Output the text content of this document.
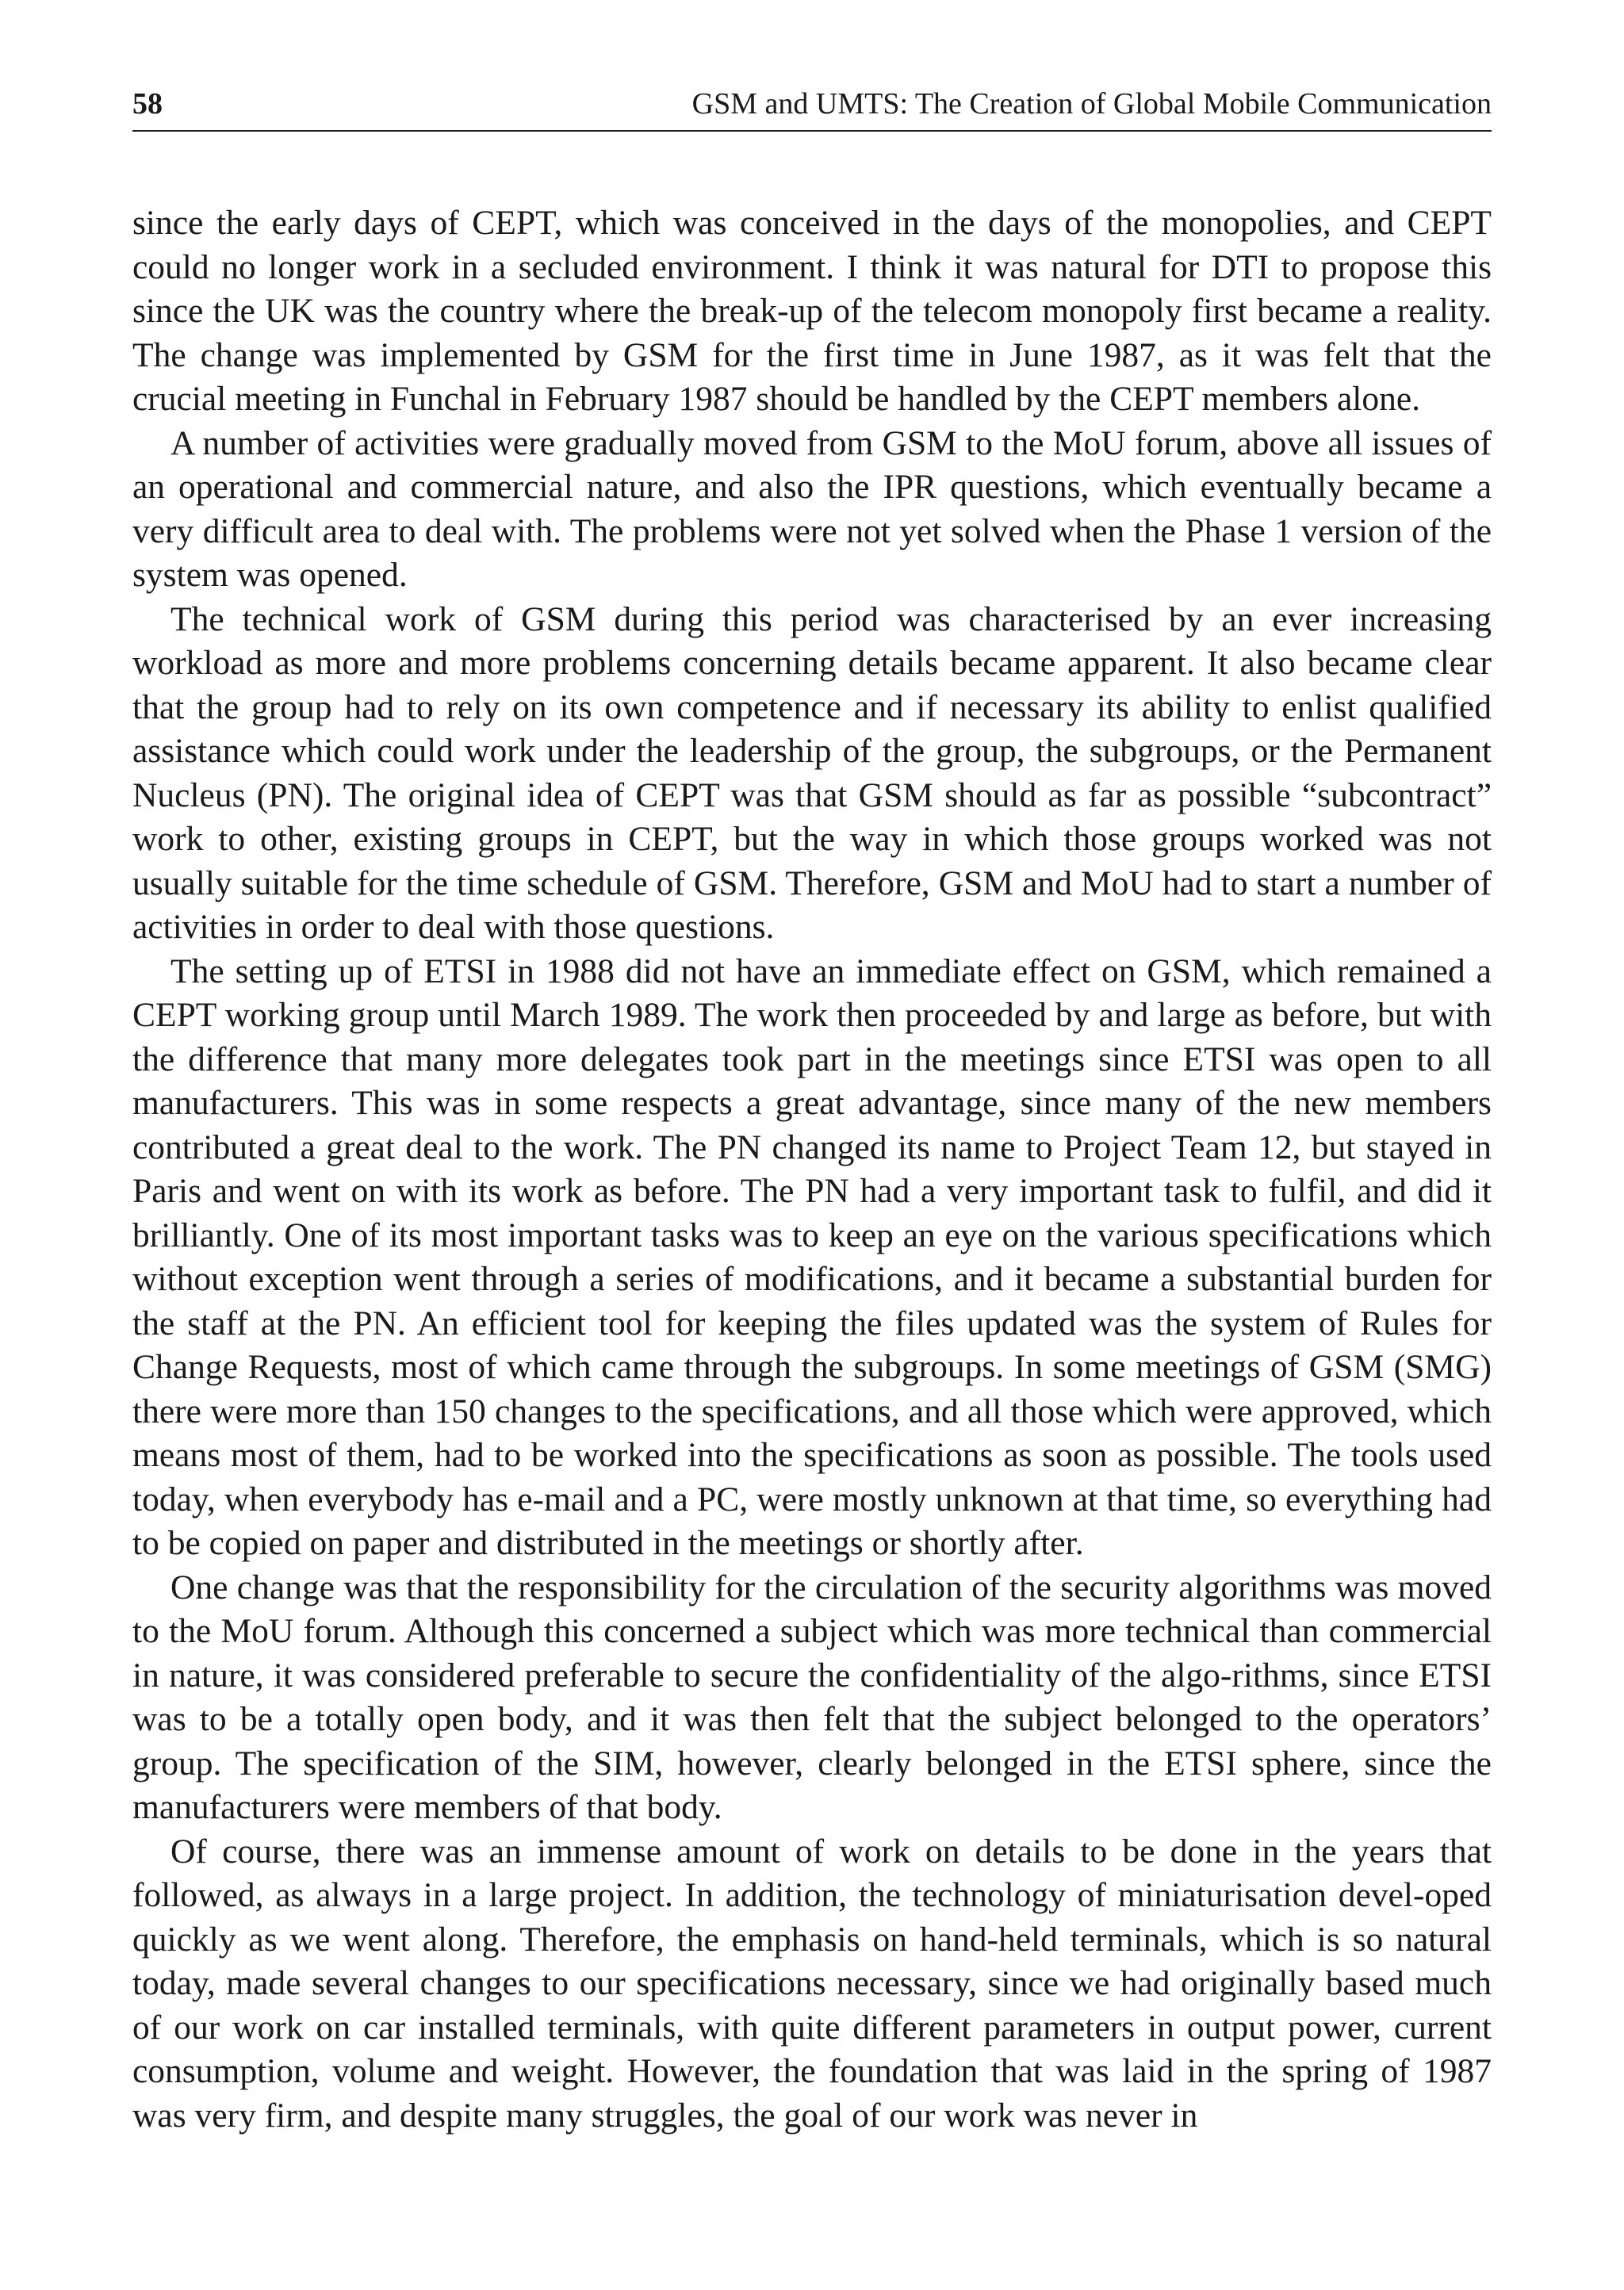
58	GSM and UMTS: The Creation of Global Mobile Communication

since the early days of CEPT, which was conceived in the days of the monopolies, and CEPT could no longer work in a secluded environment. I think it was natural for DTI to propose this since the UK was the country where the break-up of the telecom monopoly first became a reality. The change was implemented by GSM for the first time in June 1987, as it was felt that the crucial meeting in Funchal in February 1987 should be handled by the CEPT members alone.

A number of activities were gradually moved from GSM to the MoU forum, above all issues of an operational and commercial nature, and also the IPR questions, which eventually became a very difficult area to deal with. The problems were not yet solved when the Phase 1 version of the system was opened.

The technical work of GSM during this period was characterised by an ever increasing workload as more and more problems concerning details became apparent. It also became clear that the group had to rely on its own competence and if necessary its ability to enlist qualified assistance which could work under the leadership of the group, the subgroups, or the Permanent Nucleus (PN). The original idea of CEPT was that GSM should as far as possible “subcontract” work to other, existing groups in CEPT, but the way in which those groups worked was not usually suitable for the time schedule of GSM. Therefore, GSM and MoU had to start a number of activities in order to deal with those questions.

The setting up of ETSI in 1988 did not have an immediate effect on GSM, which remained a CEPT working group until March 1989. The work then proceeded by and large as before, but with the difference that many more delegates took part in the meetings since ETSI was open to all manufacturers. This was in some respects a great advantage, since many of the new members contributed a great deal to the work. The PN changed its name to Project Team 12, but stayed in Paris and went on with its work as before. The PN had a very important task to fulfil, and did it brilliantly. One of its most important tasks was to keep an eye on the various specifications which without exception went through a series of modifications, and it became a substantial burden for the staff at the PN. An efficient tool for keeping the files updated was the system of Rules for Change Requests, most of which came through the subgroups. In some meetings of GSM (SMG) there were more than 150 changes to the specifications, and all those which were approved, which means most of them, had to be worked into the specifications as soon as possible. The tools used today, when everybody has e-mail and a PC, were mostly unknown at that time, so everything had to be copied on paper and distributed in the meetings or shortly after.

One change was that the responsibility for the circulation of the security algorithms was moved to the MoU forum. Although this concerned a subject which was more technical than commercial in nature, it was considered preferable to secure the confidentiality of the algo-rithms, since ETSI was to be a totally open body, and it was then felt that the subject belonged to the operators’ group. The specification of the SIM, however, clearly belonged in the ETSI sphere, since the manufacturers were members of that body.

Of course, there was an immense amount of work on details to be done in the years that followed, as always in a large project. In addition, the technology of miniaturisation devel-oped quickly as we went along. Therefore, the emphasis on hand-held terminals, which is so natural today, made several changes to our specifications necessary, since we had originally based much of our work on car installed terminals, with quite different parameters in output power, current consumption, volume and weight. However, the foundation that was laid in the spring of 1987 was very firm, and despite many struggles, the goal of our work was never in
